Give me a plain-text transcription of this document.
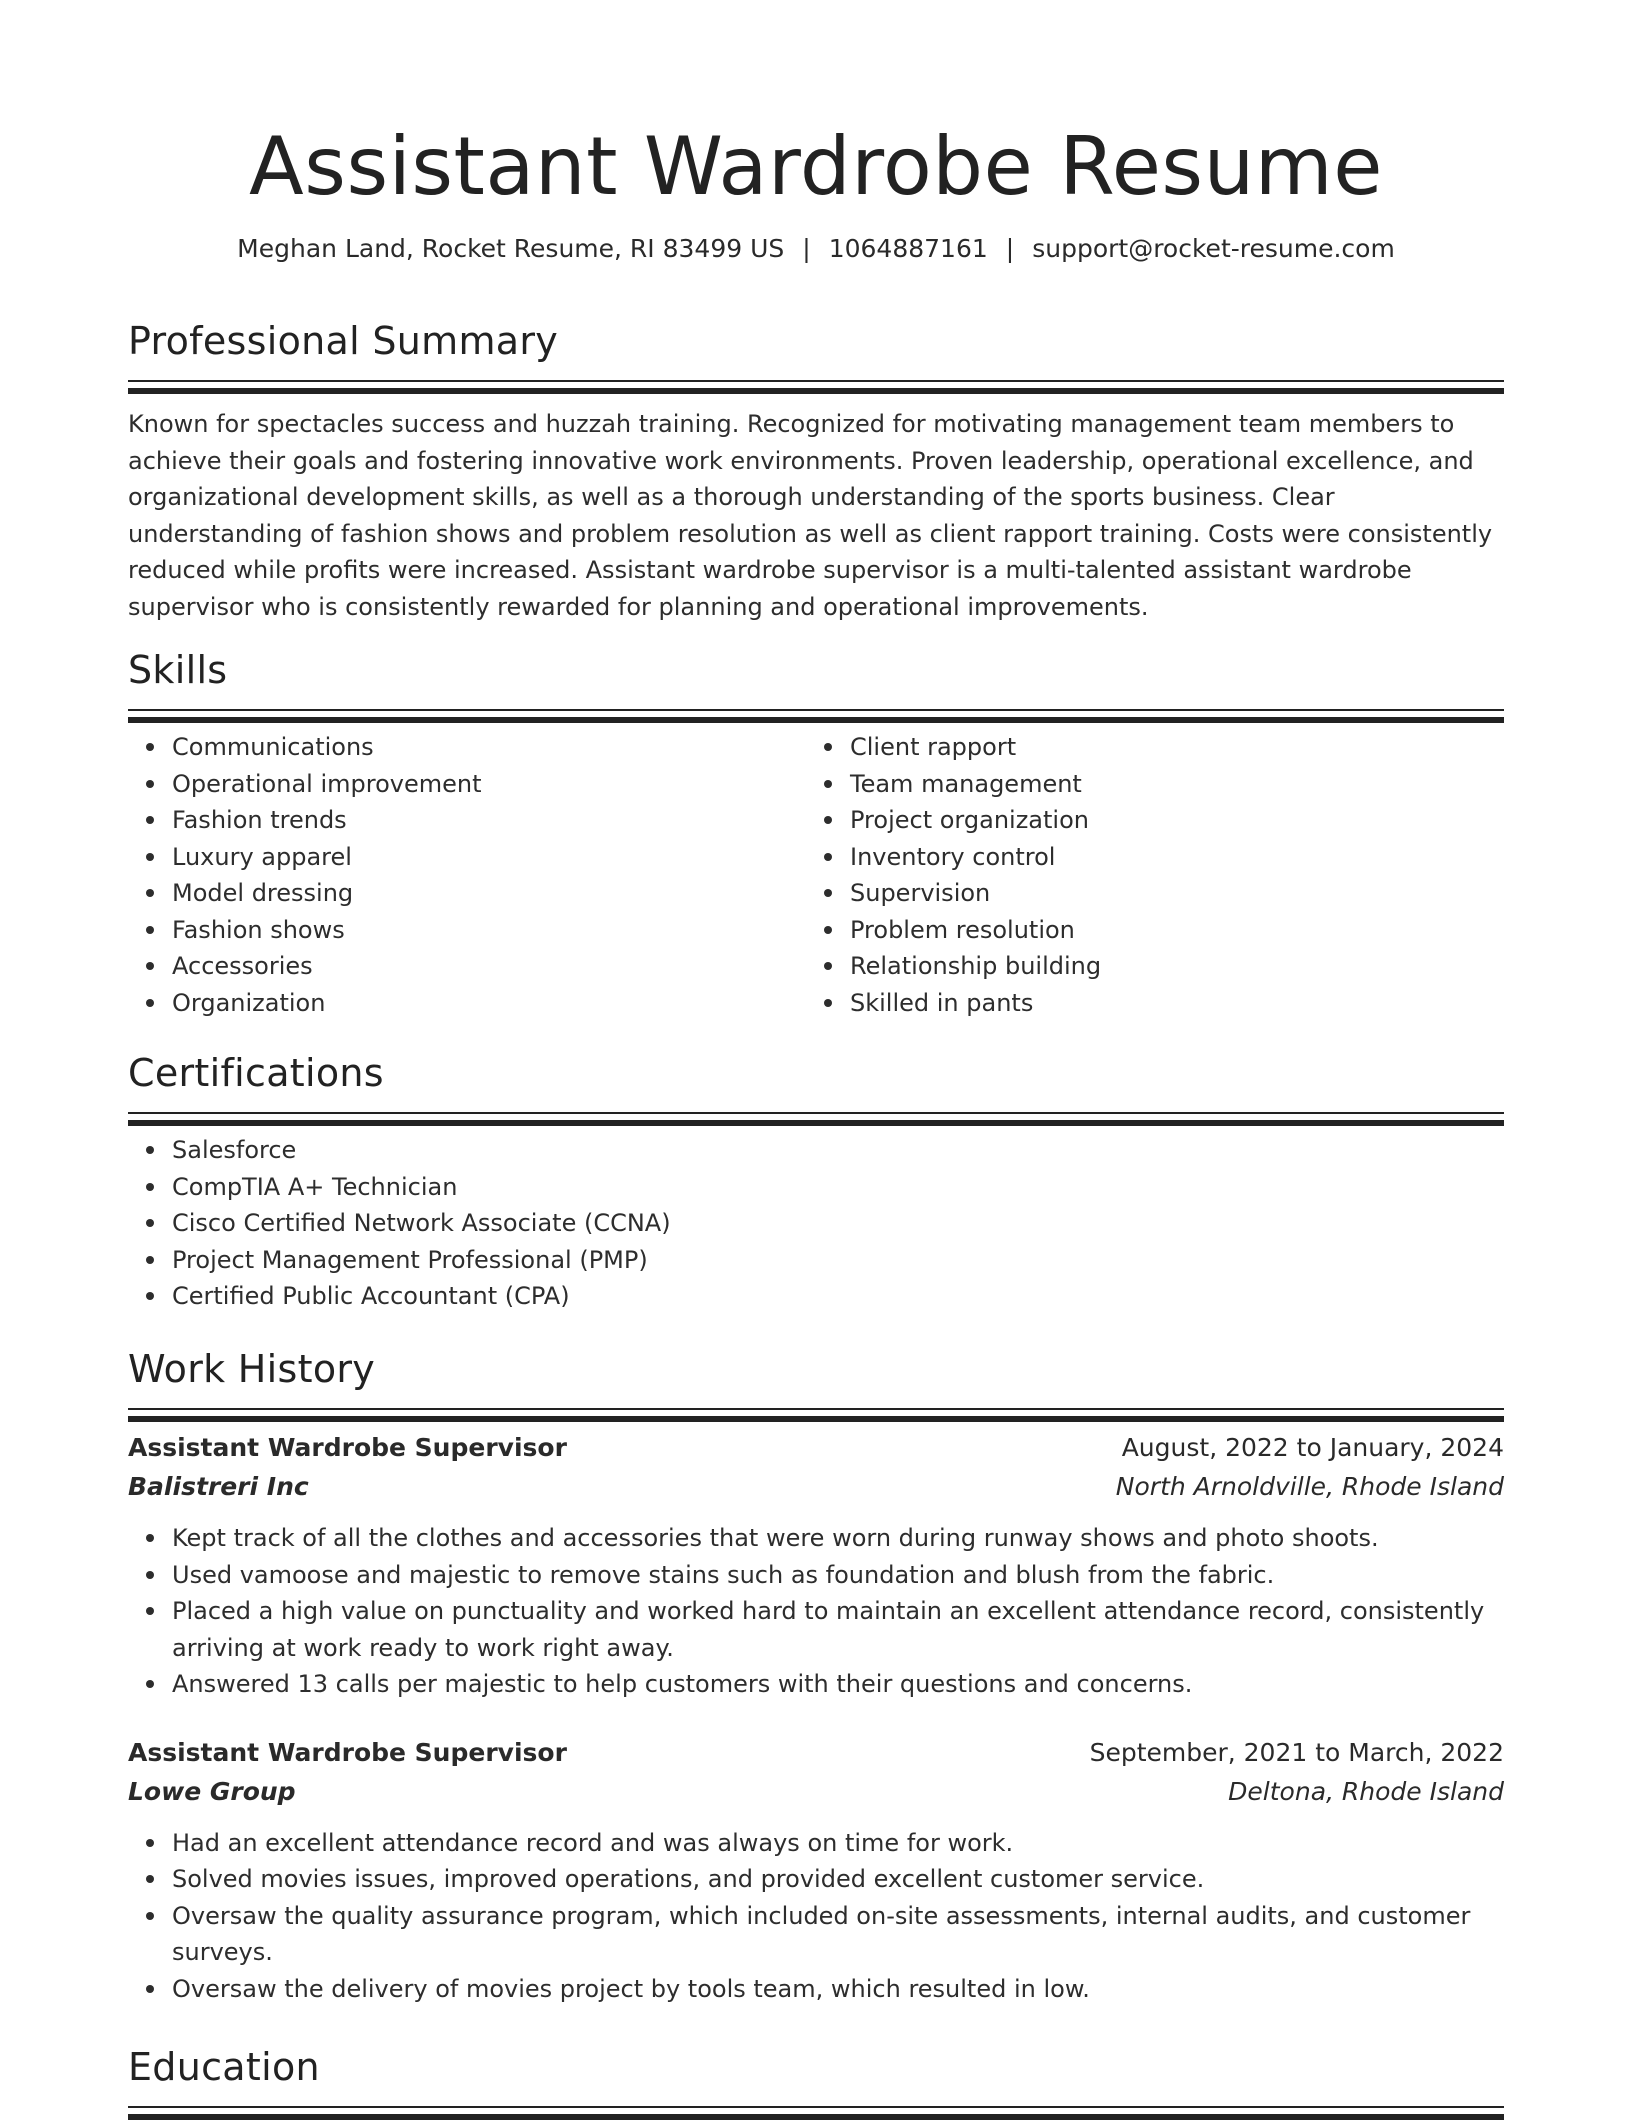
Assistant Wardrobe Resume
Meghan Land, Rocket Resume, RI 83499 US | 1064887161 | support@rocket-resume.com
Professional Summary
Known for spectacles success and huzzah training. Recognized for motivating management team members to achieve their goals and fostering innovative work environments. Proven leadership, operational excellence, and organizational development skills, as well as a thorough understanding of the sports business. Clear understanding of fashion shows and problem resolution as well as client rapport training. Costs were consistently reduced while profits were increased. Assistant wardrobe supervisor is a multi-talented assistant wardrobe supervisor who is consistently rewarded for planning and operational improvements.
Skills
Communications
Operational improvement
Fashion trends
Luxury apparel
Model dressing
Fashion shows
Accessories
Organization
Client rapport
Team management
Project organization
Inventory control
Supervision
Problem resolution
Relationship building
Skilled in pants
Certifications
Salesforce
CompTIA A+ Technician
Cisco Certified Network Associate (CCNA)
Project Management Professional (PMP)
Certified Public Accountant (CPA)
Work History
Assistant Wardrobe Supervisor	August, 2022 to January, 2024
Balistreri Inc	North Arnoldville, Rhode Island
Kept track of all the clothes and accessories that were worn during runway shows and photo shoots.
Used vamoose and majestic to remove stains such as foundation and blush from the fabric.
Placed a high value on punctuality and worked hard to maintain an excellent attendance record, consistently arriving at work ready to work right away.
Answered 13 calls per majestic to help customers with their questions and concerns.
Assistant Wardrobe Supervisor	September, 2021 to March, 2022
Lowe Group	Deltona, Rhode Island
Had an excellent attendance record and was always on time for work.
Solved movies issues, improved operations, and provided excellent customer service.
Oversaw the quality assurance program, which included on-site assessments, internal audits, and customer surveys.
Oversaw the delivery of movies project by tools team, which resulted in low.
Education
